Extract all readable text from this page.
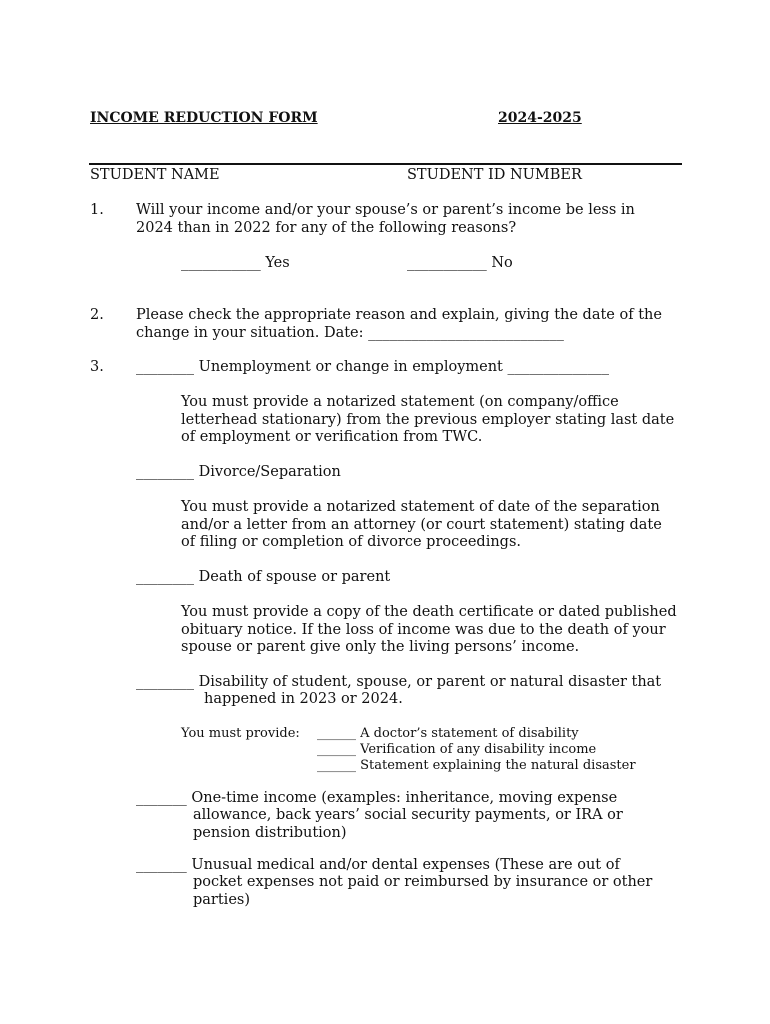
INCOME REDUCTION FORM	2024-2025
STUDENT NAME	STUDENT ID NUMBER
1. Will your income and/or your spouse’s or parent’s income be less in
2024 than in 2022 for any of the following reasons?
___________ Yes	___________ No
2. Please check the appropriate reason and explain, giving the date of the
change in your situation. Date: ___________________________
3. ________ Unemployment or change in employment ______________
You must provide a notarized statement (on company/office
letterhead stationary) from the previous employer stating last date
of employment or verification from TWC.
________ Divorce/Separation
You must provide a notarized statement of date of the separation
and/or a letter from an attorney (or court statement) stating date
of filing or completion of divorce proceedings.
________ Death of spouse or parent
You must provide a copy of the death certificate or dated published
obituary notice. If the loss of income was due to the death of your
spouse or parent give only the living persons’ income.
________ Disability of student, spouse, or parent or natural disaster that
happened in 2023 or 2024.
You must provide: ______ A doctor’s statement of disability
______ Verification of any disability income
______ Statement explaining the natural disaster
_______ One-time income (examples: inheritance, moving expense
allowance, back years’ social security payments, or IRA or
pension distribution)
_______ Unusual medical and/or dental expenses (These are out of
pocket expenses not paid or reimbursed by insurance or other
parties)
